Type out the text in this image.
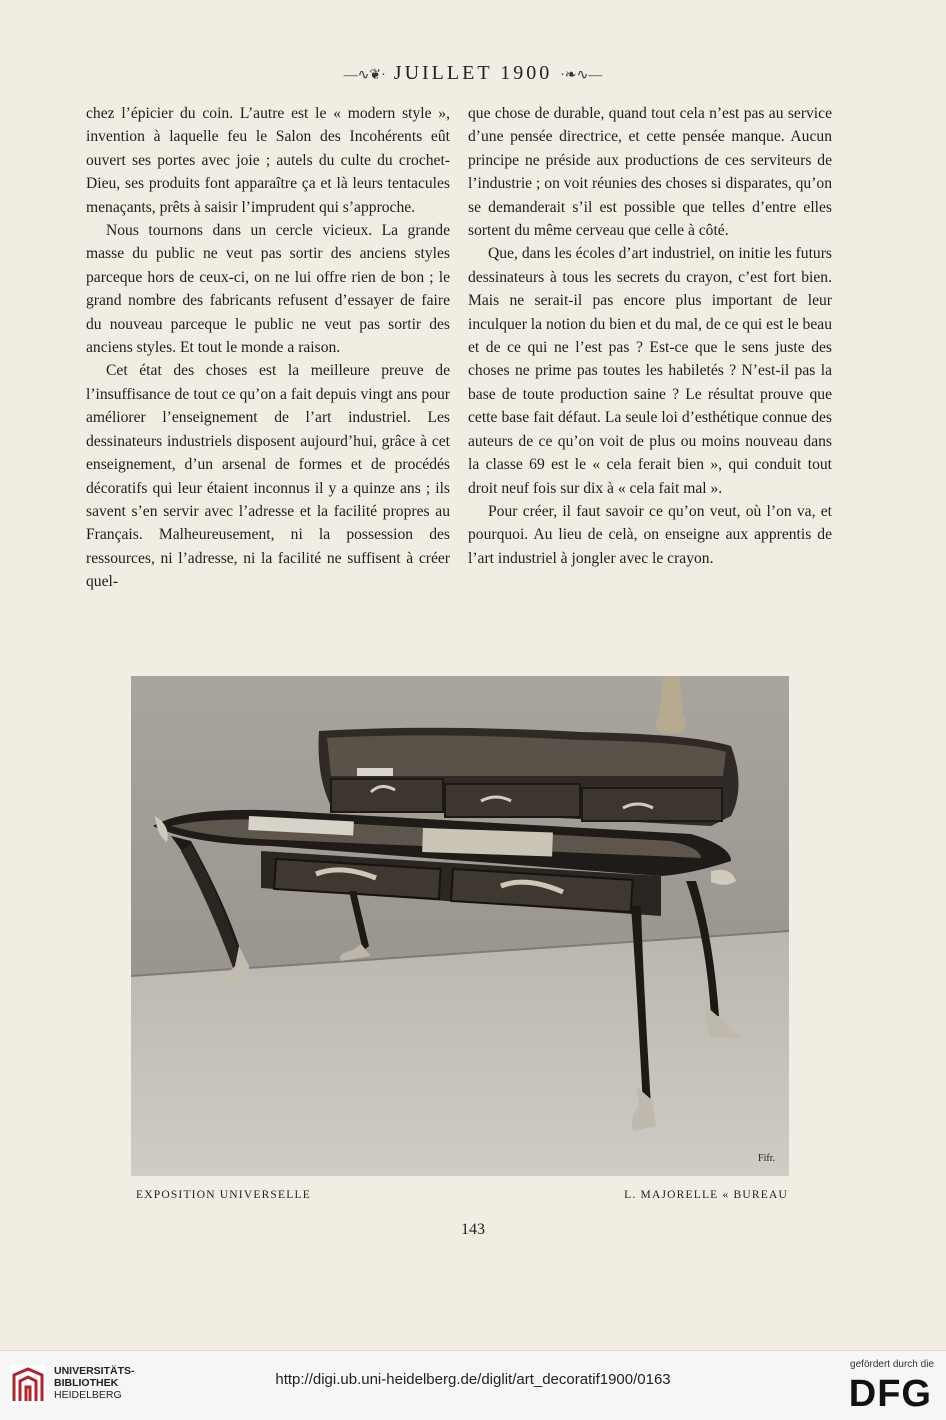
—∿❦· JUILLET 1900 ·❧∿—

chez l’épicier du coin. L’autre est le « modern style », invention à laquelle feu le Salon des Incohérents eût ouvert ses portes avec joie ; autels du culte du crochet-Dieu, ses produits font apparaître ça et là leurs tentacules menaçants, prêts à saisir l’imprudent qui s’approche.

Nous tournons dans un cercle vicieux. La grande masse du public ne veut pas sortir des anciens styles parceque hors de ceux-ci, on ne lui offre rien de bon ; le grand nombre des fabricants refusent d’essayer de faire du nouveau parceque le public ne veut pas sortir des anciens styles. Et tout le monde a raison.

Cet état des choses est la meilleure preuve de l’insuffisance de tout ce qu’on a fait depuis vingt ans pour améliorer l’enseignement de l’art industriel. Les dessinateurs industriels disposent aujourd’hui, grâce à cet enseignement, d’un arsenal de formes et de procédés décoratifs qui leur étaient inconnus il y a quinze ans ; ils savent s’en servir avec l’adresse et la facilité propres au Français. Malheureusement, ni la possession des ressources, ni l’adresse, ni la facilité ne suffisent à créer quel-

que chose de durable, quand tout cela n’est pas au service d’une pensée directrice, et cette pensée manque. Aucun principe ne préside aux productions de ces serviteurs de l’industrie ; on voit réunies des choses si disparates, qu’on se demanderait s’il est possible que telles d’entre elles sortent du même cerveau que celle à côté.

Que, dans les écoles d’art industriel, on initie les futurs dessinateurs à tous les secrets du crayon, c’est fort bien. Mais ne serait-il pas encore plus important de leur inculquer la notion du bien et du mal, de ce qui est le beau et de ce qui ne l’est pas ? Est-ce que le sens juste des choses ne prime pas toutes les habiletés ? N’est-il pas la base de toute production saine ? Le résultat prouve que cette base fait défaut. La seule loi d’esthétique connue des auteurs de ce qu’on voit de plus ou moins nouveau dans la classe 69 est le « cela ferait bien », qui conduit tout droit neuf fois sur dix à « cela fait mal ».

Pour créer, il faut savoir ce qu’on veut, où l’on va, et pourquoi. Au lieu de celà, on enseigne aux apprentis de l’art industriel à jongler avec le crayon.

Fifr.
EXPOSITION UNIVERSELLE	L. MAJORELLE « BUREAU
143
UNIVERSITÄTS-
BIBLIOTHEK
HEIDELBERG
http://digi.ub.uni-heidelberg.de/diglit/art_decoratif1900/0163
gefördert durch die
DFG
